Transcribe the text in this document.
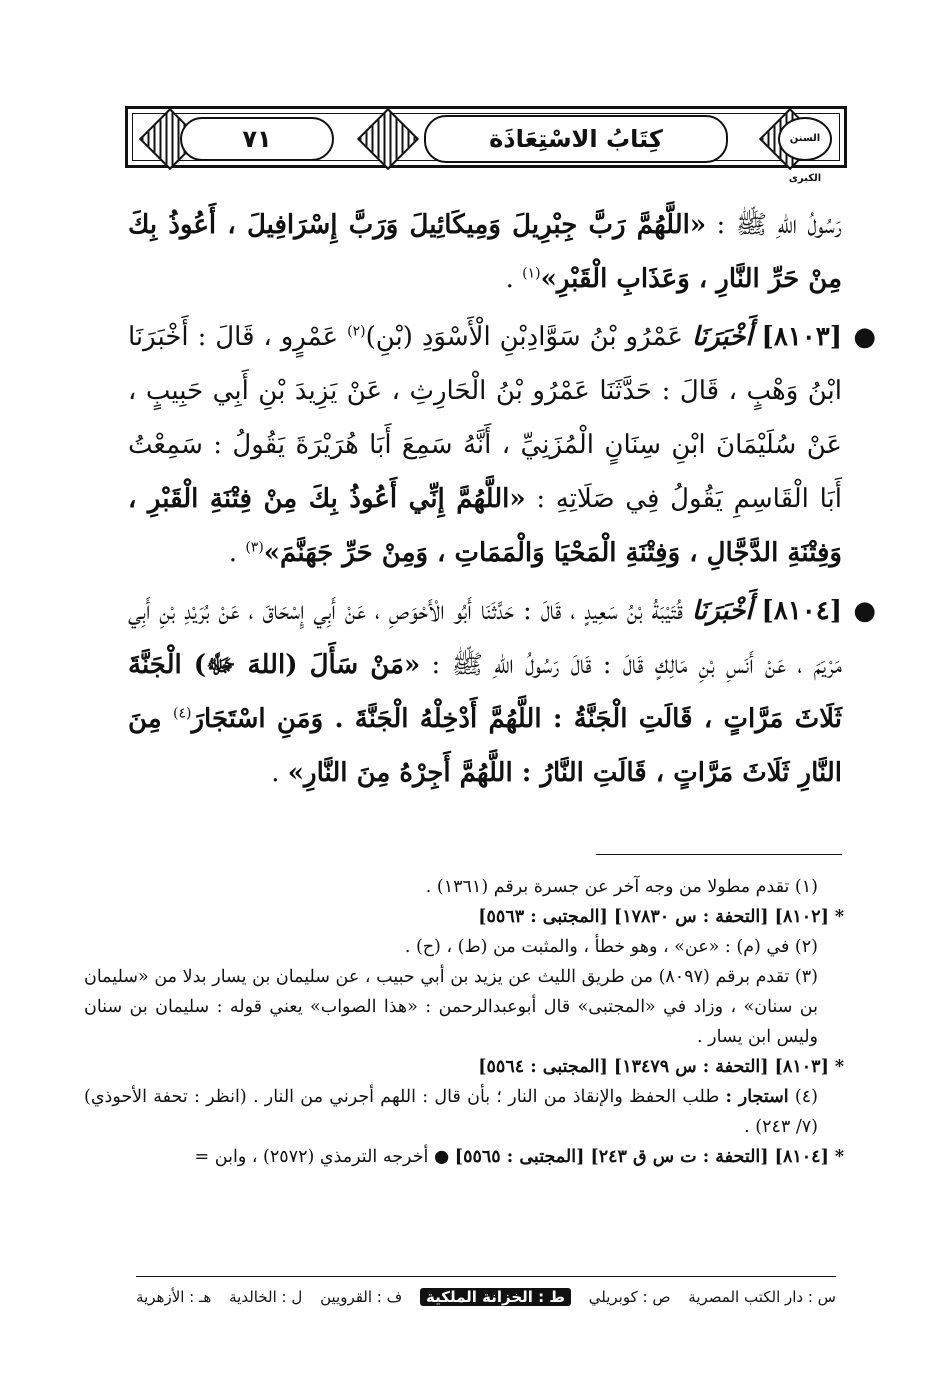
٧١	كِتَابُ الاسْتِعَاذَة	السنن الكبرى

رَسُولُ اللهِ ﷺ : «اللَّهُمَّ رَبَّ جِبْرِيلَ وَمِيكَائِيلَ وَرَبَّ إِسْرَافِيلَ ، أَعُوذُ بِكَ مِنْ حَرِّ النَّارِ ، وَعَذَابِ الْقَبْرِ»$^{(١)}$ .

●
[٨١٠٣] أَخْبَرَنَا عَمْرُو بْنُ سَوَّادِبْنِ الْأَسْوَدِ (بْنِ)$^{(٢)}$ عَمْرٍو ، قَالَ : أَخْبَرَنَا ابْنُ وَهْبٍ ، قَالَ : حَدَّثَنَا عَمْرُو بْنُ الْحَارِثِ ، عَنْ يَزِيدَ بْنِ أَبِي حَبِيبٍ ، عَنْ سُلَيْمَانَ ابْنِ سِنَانٍ الْمُزَنِيِّ ، أَنَّهُ سَمِعَ أَبَا هُرَيْرَةَ يَقُولُ : سَمِعْتُ أَبَا الْقَاسِمِ يَقُولُ فِي صَلَاتِهِ : «اللَّهُمَّ إِنِّي أَعُوذُ بِكَ مِنْ فِتْنَةِ الْقَبْرِ ، وَفِتْنَةِ الدَّجَّالِ ، وَفِتْنَةِ الْمَحْيَا وَالْمَمَاتِ ، وَمِنْ حَرِّ جَهَنَّمَ»$^{(٣)}$ .

●
[٨١٠٤] أَخْبَرَنَا قُتَيْبَةُ بْنُ سَعِيدٍ ، قَالَ : حَدَّثَنَا أَبُو الْأَحْوَصِ ، عَنْ أَبِي إِسْحَاقَ ، عَنْ بُرَيْدِ بْنِ أَبِي مَرْيَمَ ، عَنْ أَنَسِ بْنِ مَالِكٍ قَالَ : قَالَ رَسُولُ اللهِ ﷺ : «مَنْ سَأَلَ (اللهَ ﷻ) الْجَنَّةَ ثَلَاثَ مَرَّاتٍ ، قَالَتِ الْجَنَّةُ : اللَّهُمَّ أَدْخِلْهُ الْجَنَّةَ . وَمَنِ اسْتَجَارَ$^{(٤)}$ مِنَ النَّارِ ثَلَاثَ مَرَّاتٍ ، قَالَتِ النَّارُ : اللَّهُمَّ أَجِرْهُ مِنَ النَّارِ» .

(١) تقدم مطولا من وجه آخر عن جسرة برقم (١٣٦١) .

*[٨١٠٢] [التحفة : س ١٧٨٣٠] [المجتبى : ٥٥٦٣]

(٢) في (م) : «عن» ، وهو خطأ ، والمثبت من (ط) ، (ح) .

(٣) تقدم برقم (٨٠٩٧) من طريق الليث عن يزيد بن أبي حبيب ، عن سليمان بن يسار بدلا من «سليمان بن سنان» ، وزاد في «المجتبى» قال أبوعبدالرحمن : «هذا الصواب» يعني قوله : سليمان بن سنان وليس ابن يسار .

*[٨١٠٣] [التحفة : س ١٣٤٧٩] [المجتبى : ٥٥٦٤]

(٤) استجار : طلب الحفظ والإنقاذ من النار ؛ بأن قال : اللهم أجرني من النار . (انظر : تحفة الأحوذي) (٧/ ٢٤٣) .

*[٨١٠٤] [التحفة : ت س ق ٢٤٣] [المجتبى : ٥٥٦٥] ● أخرجه الترمذي (٢٥٧٢) ، وابن =

س : دار الكتب المصرية
ص : كوبريلي
ط : الخزانة الملكية
ف : القرويين
ل : الخالدية
هـ : الأزهرية
